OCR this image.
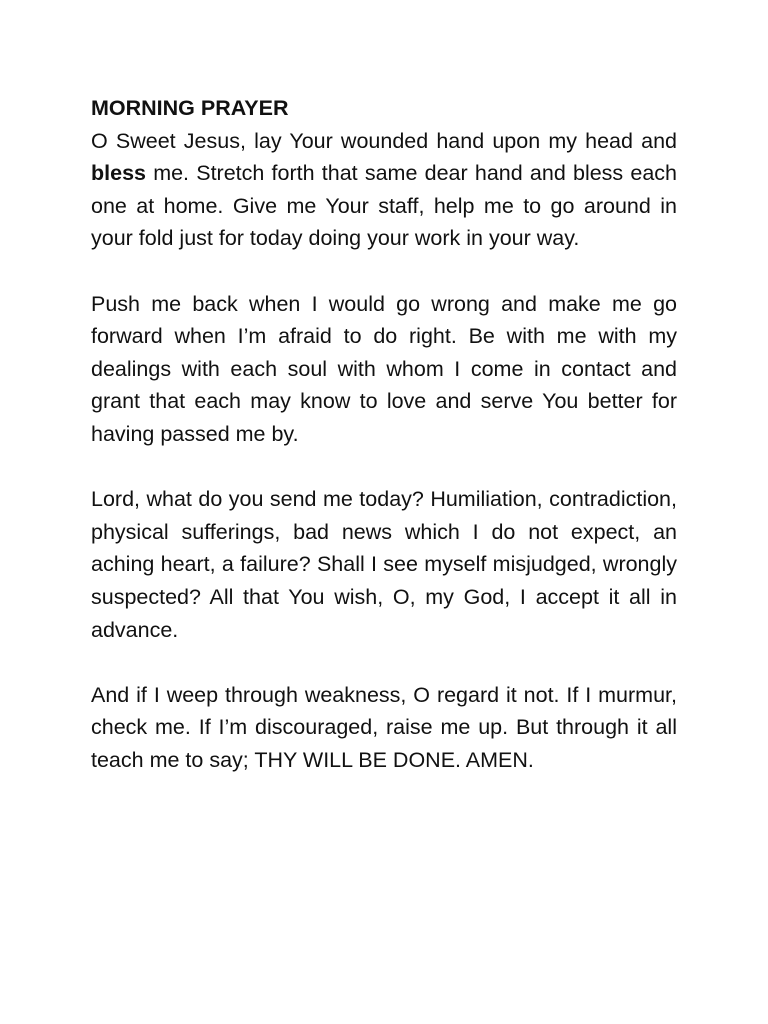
MORNING PRAYER

O Sweet Jesus, lay Your wounded hand upon my head and bless me. Stretch forth that same dear hand and bless each one at home. Give me Your staff, help me to go around in your fold just for today doing your work in your way.

Push me back when I would go wrong and make me go forward when I’m afraid to do right. Be with me with my dealings with each soul with whom I come in contact and grant that each may know to love and serve You better for having passed me by.

Lord, what do you send me today? Humiliation, contradiction, physical sufferings, bad news which I do not expect, an aching heart, a failure? Shall I see myself misjudged, wrongly suspected? All that You wish, O, my God, I accept it all in advance.

And if I weep through weakness, O regard it not. If I murmur, check me. If I’m discouraged, raise me up. But through it all teach me to say; THY WILL BE DONE. AMEN.
